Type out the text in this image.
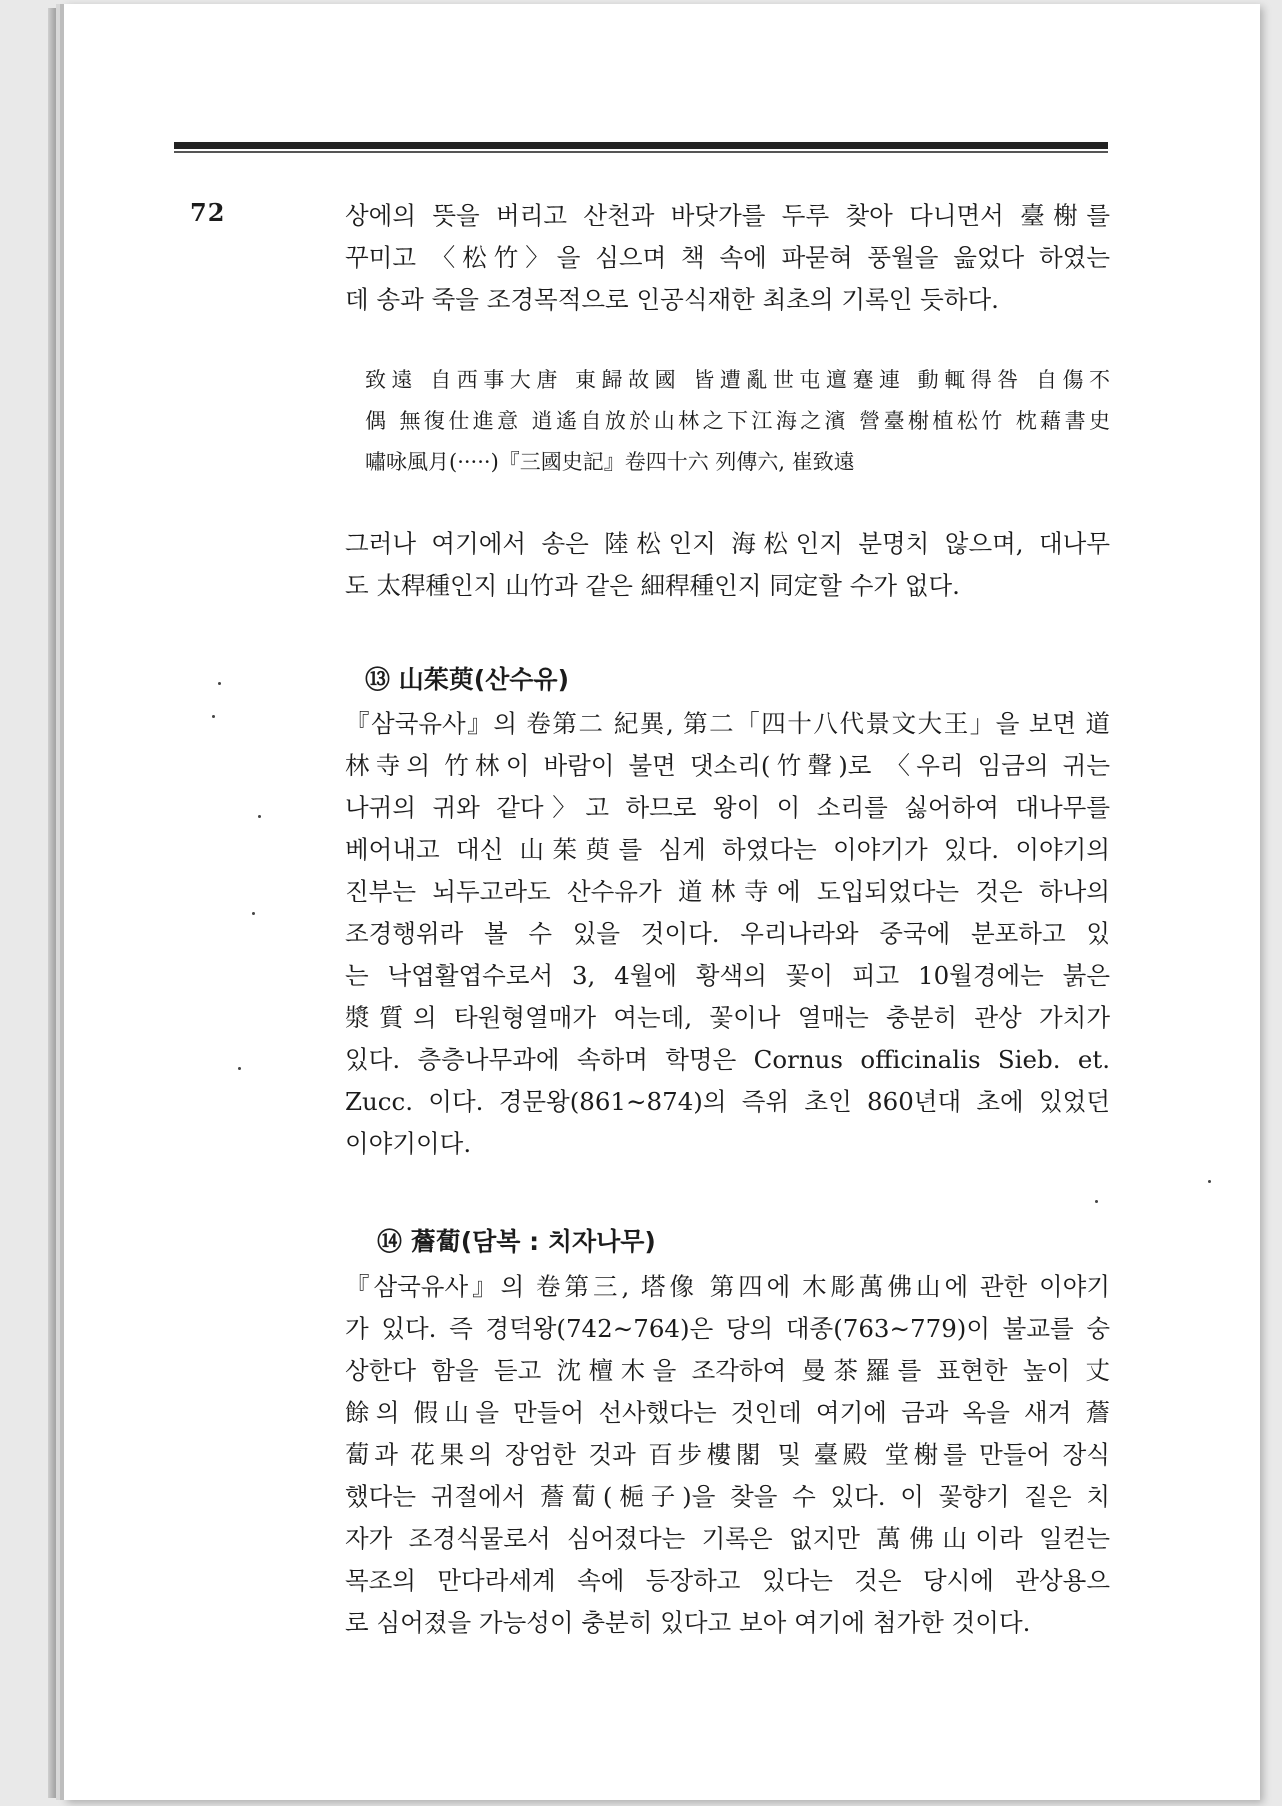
72	상에의 뜻을 버리고 산천과 바닷가를 두루 찾아 다니면서 臺榭를
꾸미고 〈松竹〉을 심으며 책 속에 파묻혀 풍월을 읊었다 하였는
데 송과 죽을 조경목적으로 인공식재한 최초의 기록인 듯하다.
致遠 自西事大唐 東歸故國 皆遭亂世屯邅蹇連 動輒得咎 自傷不
偶 無復仕進意 逍遙自放於山林之下江海之濱 營臺榭植松竹 枕藉書史
嘯咏風月(·····)『三國史記』卷四十六 列傳六, 崔致遠
그러나 여기에서 송은 陸松인지 海松인지 분명치 않으며, 대나무
도 太稈種인지 山竹과 같은 細稈種인지 同定할 수가 없다.
⑬ 山茱萸(산수유)
『삼국유사』의 卷第二 紀異, 第二「四十八代景文大王」을 보면 道
林寺의 竹林이 바람이 불면 댓소리(竹聲)로 〈우리 임금의 귀는
나귀의 귀와 같다〉고 하므로 왕이 이 소리를 싫어하여 대나무를
베어내고 대신 山茱萸를 심게 하였다는 이야기가 있다. 이야기의
진부는 뇌두고라도 산수유가 道林寺에 도입되었다는 것은 하나의
조경행위라 볼 수 있을 것이다. 우리나라와 중국에 분포하고 있
는 낙엽활엽수로서 3, 4월에 황색의 꽃이 피고 10월경에는 붉은
漿質의 타원형열매가 여는데, 꽃이나 열매는 충분히 관상 가치가
있다. 층층나무과에 속하며 학명은 Cornus officinalis Sieb. et.
Zucc. 이다. 경문왕(861∼874)의 즉위 초인 860년대 초에 있었던
이야기이다.
⑭ 薝蔔(담복 : 치자나무)
『삼국유사』의 卷第三, 塔像 第四에 木彫萬佛山에 관한 이야기
가 있다. 즉 경덕왕(742∼764)은 당의 대종(763∼779)이 불교를 숭
상한다 함을 듣고 沈檀木을 조각하여 曼茶羅를 표현한 높이 丈
餘의 假山을 만들어 선사했다는 것인데 여기에 금과 옥을 새겨 薝
蔔과 花果의 장엄한 것과 百步樓閣 및 臺殿 堂榭를 만들어 장식
했다는 귀절에서 薝蔔(梔子)을 찾을 수 있다. 이 꽃향기 짙은 치
자가 조경식물로서 심어졌다는 기록은 없지만 萬佛山이라 일컫는
목조의 만다라세계 속에 등장하고 있다는 것은 당시에 관상용으
로 심어졌을 가능성이 충분히 있다고 보아 여기에 첨가한 것이다.
